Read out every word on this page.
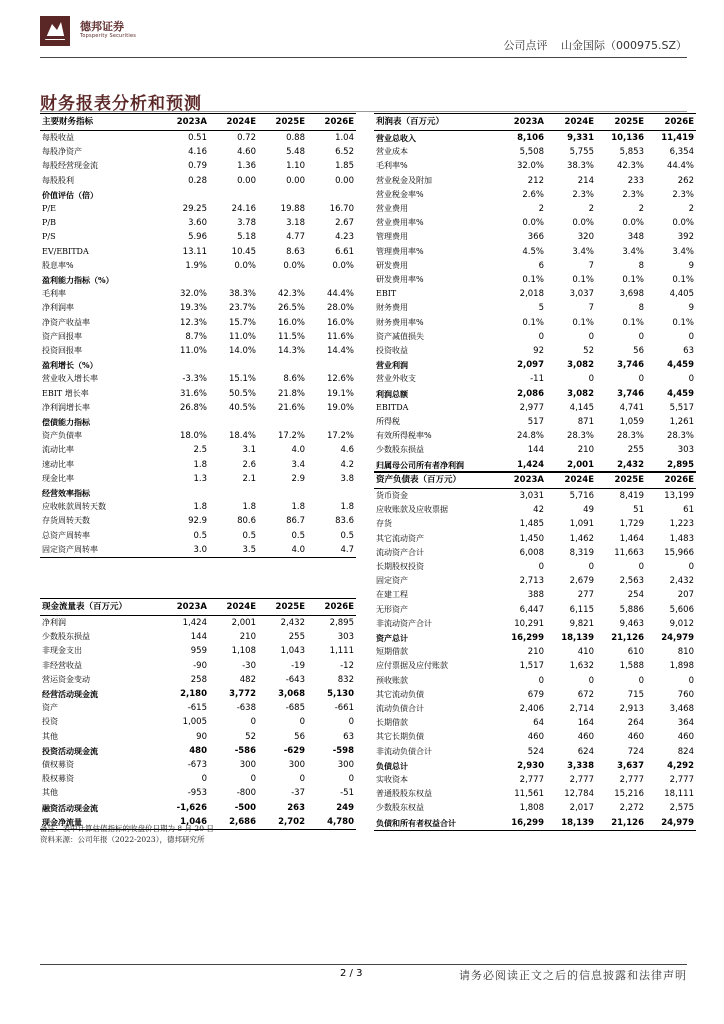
德邦证券
Topsperity Securities
公司点评 山金国际（000975.SZ）
财务报表分析和预测
主要财务指标	2023A	2024E	2025E	2026E
每股收益	0.51	0.72	0.88	1.04
每股净资产	4.16	4.60	5.48	6.52
每股经营现金流	0.79	1.36	1.10	1.85
每股股利	0.28	0.00	0.00	0.00
价值评估（倍）				
P/E	29.25	24.16	19.88	16.70
P/B	3.60	3.78	3.18	2.67
P/S	5.96	5.18	4.77	4.23
EV/EBITDA	13.11	10.45	8.63	6.61
股息率%	1.9%	0.0%	0.0%	0.0%
盈利能力指标（%）				
毛利率	32.0%	38.3%	42.3%	44.4%
净利润率	19.3%	23.7%	26.5%	28.0%
净资产收益率	12.3%	15.7%	16.0%	16.0%
资产回报率	8.7%	11.0%	11.5%	11.6%
投资回报率	11.0%	14.0%	14.3%	14.4%
盈利增长（%）				
营业收入增长率	-3.3%	15.1%	8.6%	12.6%
EBIT 增长率	31.6%	50.5%	21.8%	19.1%
净利润增长率	26.8%	40.5%	21.6%	19.0%
偿债能力指标				
资产负债率	18.0%	18.4%	17.2%	17.2%
流动比率	2.5	3.1	4.0	4.6
速动比率	1.8	2.6	3.4	4.2
现金比率	1.3	2.1	2.9	3.8
经营效率指标				
应收帐款周转天数	1.8	1.8	1.8	1.8
存货周转天数	92.9	80.6	86.7	83.6
总资产周转率	0.5	0.5	0.5	0.5
固定资产周转率	3.0	3.5	4.0	4.7
利润表（百万元）	2023A	2024E	2025E	2026E
营业总收入	8,106	9,331	10,136	11,419
营业成本	5,508	5,755	5,853	6,354
毛利率%	32.0%	38.3%	42.3%	44.4%
营业税金及附加	212	214	233	262
营业税金率%	2.6%	2.3%	2.3%	2.3%
营业费用	2	2	2	2
营业费用率%	0.0%	0.0%	0.0%	0.0%
管理费用	366	320	348	392
管理费用率%	4.5%	3.4%	3.4%	3.4%
研发费用	6	7	8	9
研发费用率%	0.1%	0.1%	0.1%	0.1%
EBIT	2,018	3,037	3,698	4,405
财务费用	5	7	8	9
财务费用率%	0.1%	0.1%	0.1%	0.1%
资产减值损失	0	0	0	0
投资收益	92	52	56	63
营业利润	2,097	3,082	3,746	4,459
营业外收支	-11	0	0	0
利润总额	2,086	3,082	3,746	4,459
EBITDA	2,977	4,145	4,741	5,517
所得税	517	871	1,059	1,261
有效所得税率%	24.8%	28.3%	28.3%	28.3%
少数股东损益	144	210	255	303
归属母公司所有者净利润	1,424	2,001	2,432	2,895
资产负债表（百万元）	2023A	2024E	2025E	2026E
货币资金	3,031	5,716	8,419	13,199
应收账款及应收票据	42	49	51	61
存货	1,485	1,091	1,729	1,223
其它流动资产	1,450	1,462	1,464	1,483
流动资产合计	6,008	8,319	11,663	15,966
长期股权投资	0	0	0	0
固定资产	2,713	2,679	2,563	2,432
在建工程	388	277	254	207
无形资产	6,447	6,115	5,886	5,606
非流动资产合计	10,291	9,821	9,463	9,012
资产总计	16,299	18,139	21,126	24,979
短期借款	210	410	610	810
应付票据及应付账款	1,517	1,632	1,588	1,898
预收账款	0	0	0	0
其它流动负债	679	672	715	760
流动负债合计	2,406	2,714	2,913	3,468
长期借款	64	164	264	364
其它长期负债	460	460	460	460
非流动负债合计	524	624	724	824
负债总计	2,930	3,338	3,637	4,292
实收资本	2,777	2,777	2,777	2,777
普通股股东权益	11,561	12,784	15,216	18,111
少数股东权益	1,808	2,017	2,272	2,575
负债和所有者权益合计	16,299	18,139	21,126	24,979
现金流量表（百万元）	2023A	2024E	2025E	2026E
净利润	1,424	2,001	2,432	2,895
少数股东损益	144	210	255	303
非现金支出	959	1,108	1,043	1,111
非经营收益	-90	-30	-19	-12
营运资金变动	258	482	-643	832
经营活动现金流	2,180	3,772	3,068	5,130
资产	-615	-638	-685	-661
投资	1,005	0	0	0
其他	90	52	56	63
投资活动现金流	480	-586	-629	-598
债权募资	-673	300	300	300
股权募资	0	0	0	0
其他	-953	-800	-37	-51
融资活动现金流	-1,626	-500	263	249
现金净流量	1,046	2,686	2,702	4,780
备注：表中计算估值指标的收盘价日期为 8 月 20 日
资料来源：公司年报（2022-2023），德邦研究所
2 / 3	请务必阅读正文之后的信息披露和法律声明
